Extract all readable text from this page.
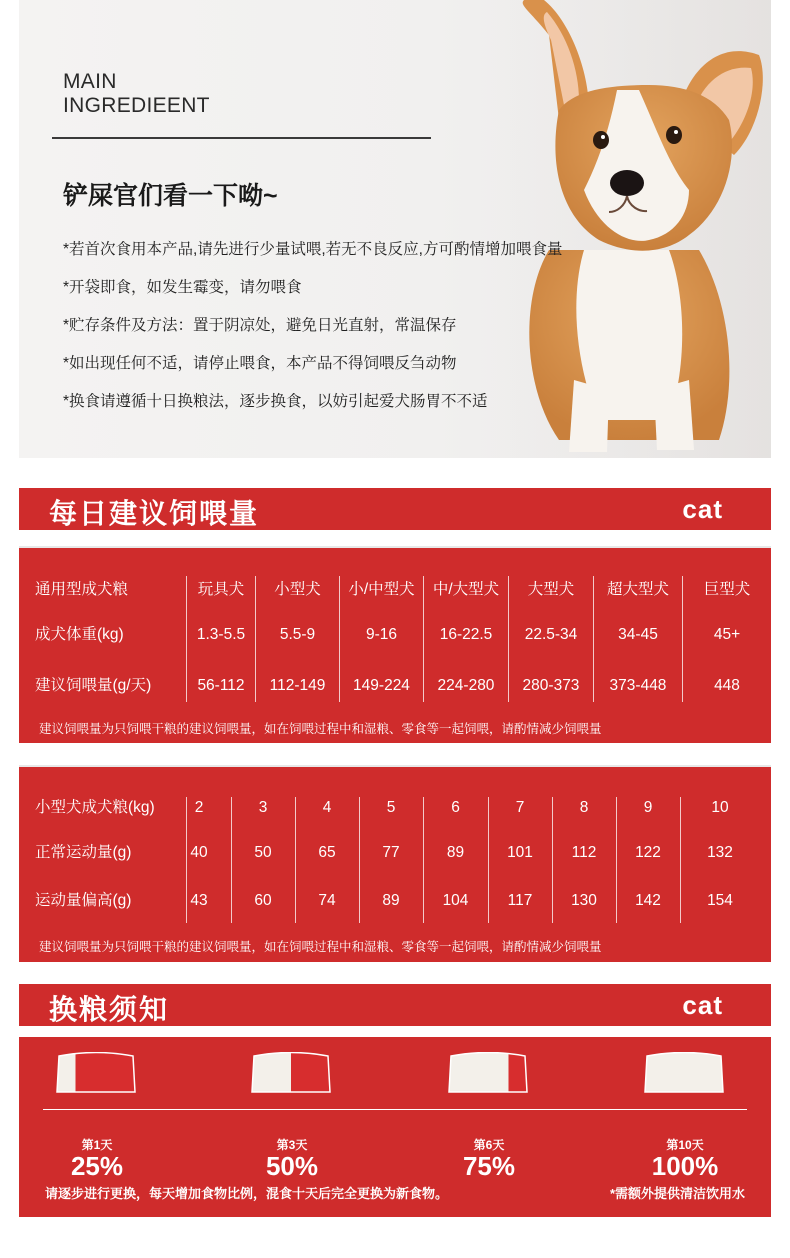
MAIN
INGREDIEENT
铲屎官们看一下呦~
*若首次食用本产品,请先进行少量试喂,若无不良反应,方可酌情增加喂食量
*开袋即食，如发生霉变，请勿喂食
*贮存条件及方法：置于阴凉处，避免日光直射，常温保存
*如出现任何不适，请停止喂食，本产品不得饲喂反刍动物
*换食请遵循十日换粮法，逐步换食，以妨引起爱犬肠胃不不适
每日建议饲喂量	cat
通用型成犬粮	玩具犬	小型犬	小/中型犬	中/大型犬	大型犬	超大型犬	巨型犬
成犬体重(kg)	1.3-5.5	5.5-9	9-16	16-22.5	22.5-34	34-45	45+
建议饲喂量(g/天)	56-112	112-149	149-224	224-280	280-373	373-448	448
建议饲喂量为只饲喂干粮的建议饲喂量，如在饲喂过程中和湿粮、零食等一起饲喂，请酌情减少饲喂量
小型犬成犬粮(kg)	2	3	4	5	6	7	8	9	10
正常运动量(g)	40	50	65	77	89	101	112	122	132
运动量偏高(g)	43	60	74	89	104	117	130	142	154
建议饲喂量为只饲喂干粮的建议饲喂量，如在饲喂过程中和湿粮、零食等一起饲喂，请酌情减少饲喂量
换粮须知	cat
第1天
25%
第3天
50%
第6天
75%
第10天
100%
请逐步进行更换，每天增加食物比例，混食十天后完全更换为新食物。	*需额外提供清洁饮用水
